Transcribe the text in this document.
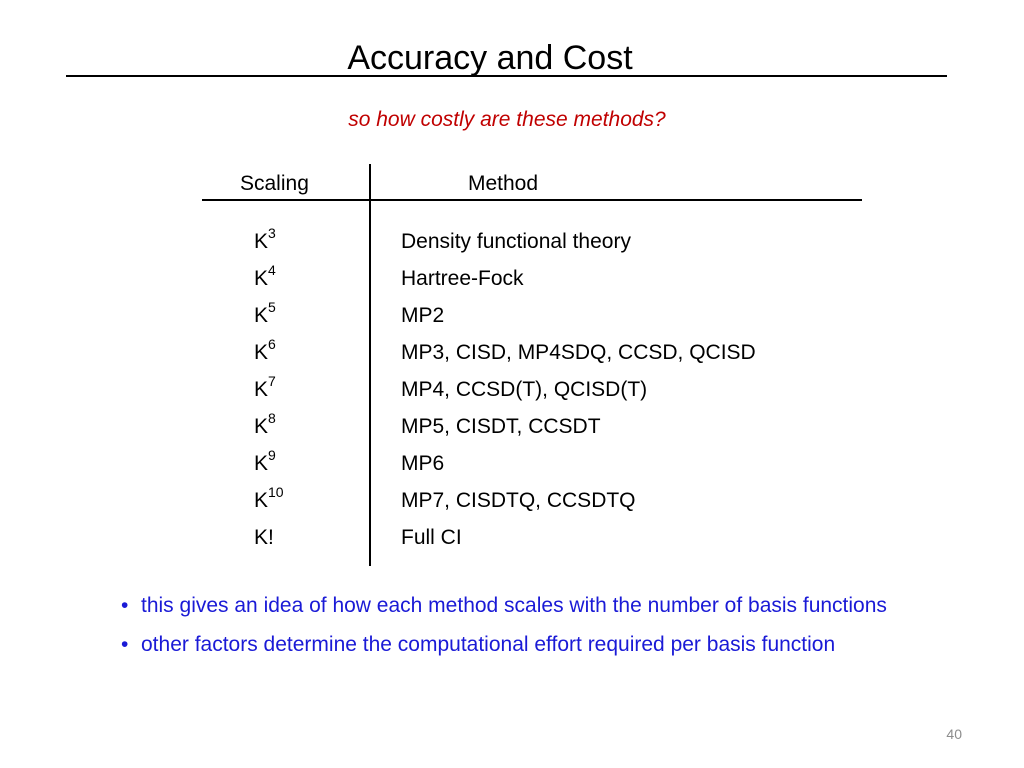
Accuracy and Cost
so how costly are these methods?
Scaling	Method
$K^3$	Density functional theory
$K^4$	Hartree-Fock
$K^5$	MP2
$K^6$	MP3, CISD, MP4SDQ, CCSD, QCISD
$K^7$	MP4, CCSD(T), QCISD(T)
$K^8$	MP5, CISDT, CCSDT
$K^9$	MP6
$K^{10}$	MP7, CISDTQ, CCSDTQ
K!	Full CI
• this gives an idea of how each method scales with the number of basis functions
• other factors determine the computational effort required per basis function
40
